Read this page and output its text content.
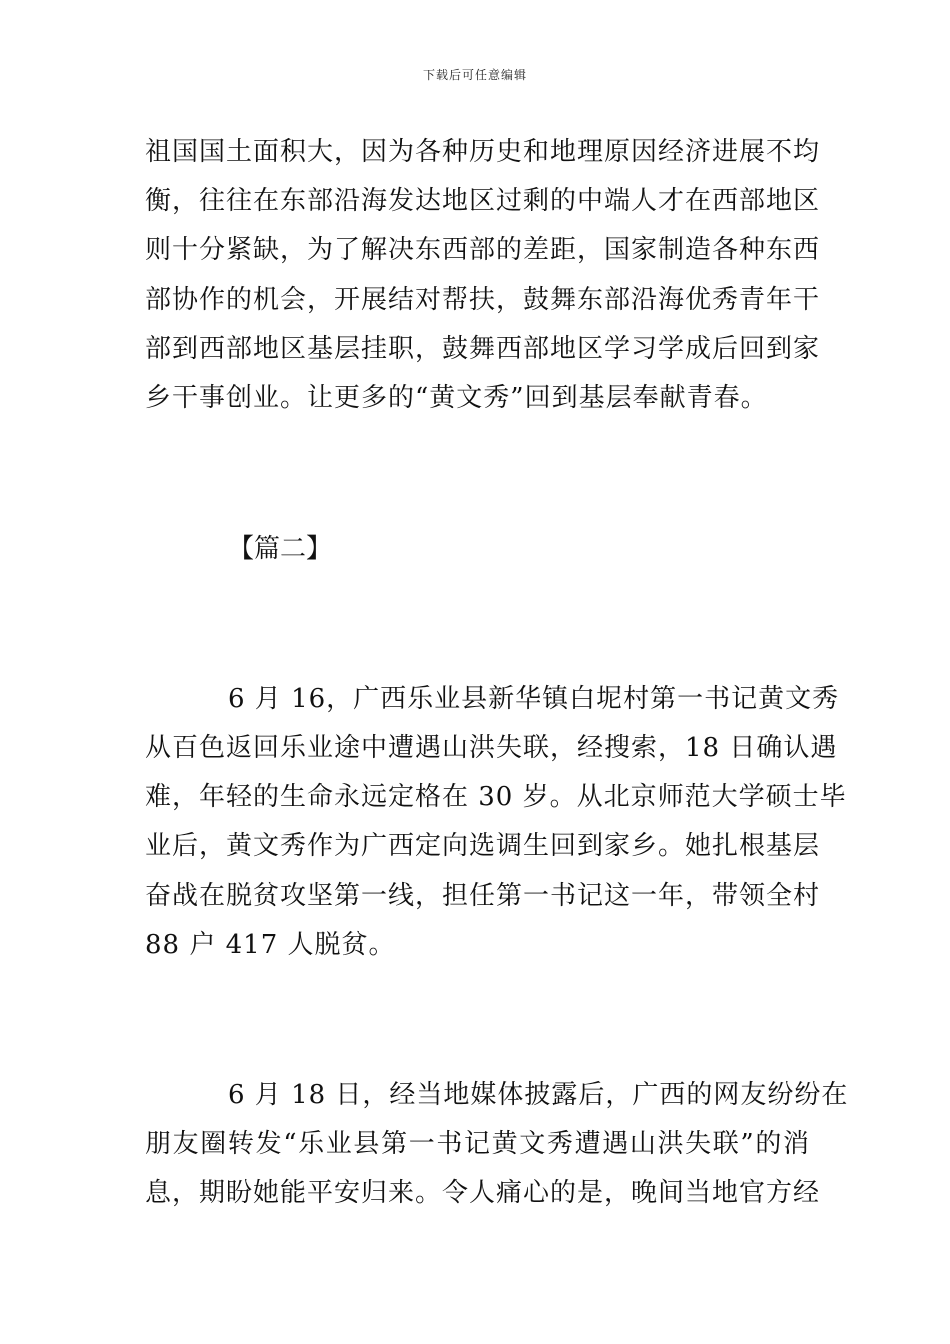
下载后可任意编辑
祖国国土面积大，因为各种历史和地理原因经济进展不均
衡，往往在东部沿海发达地区过剩的中端人才在西部地区
则十分紧缺，为了解决东西部的差距，国家制造各种东西
部协作的机会，开展结对帮扶，鼓舞东部沿海优秀青年干
部到西部地区基层挂职，鼓舞西部地区学习学成后回到家
乡干事创业。让更多的“黄文秀”回到基层奉献青春。
【篇二】
6 月 16，广西乐业县新华镇白坭村第一书记黄文秀
从百色返回乐业途中遭遇山洪失联，经搜索，18 日确认遇
难，年轻的生命永远定格在 30 岁。从北京师范大学硕士毕
业后，黄文秀作为广西定向选调生回到家乡。她扎根基层
奋战在脱贫攻坚第一线，担任第一书记这一年，带领全村
88 户 417 人脱贫。
6 月 18 日，经当地媒体披露后，广西的网友纷纷在
朋友圈转发“乐业县第一书记黄文秀遭遇山洪失联”的消
息，期盼她能平安归来。令人痛心的是，晚间当地官方经
